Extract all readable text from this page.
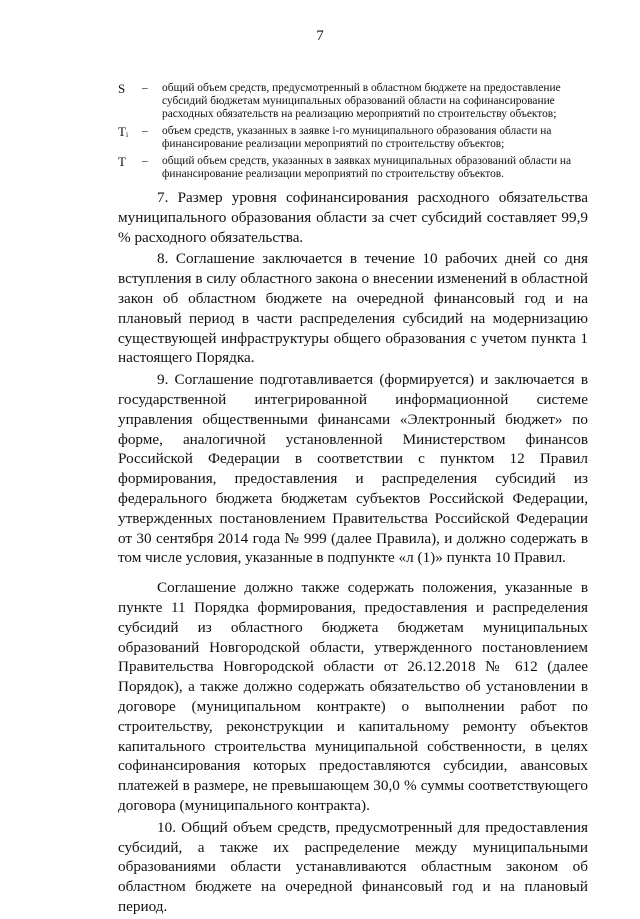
7
S	–	общий объем средств, предусмотренный в областном бюджете на предоставление субсидий бюджетам муниципальных образований области на софинансирование расходных обязательств на реализацию мероприятий по строительству объектов;

Tᵢ	–	объем средств, указанных в заявке i-го муниципального образования области на финансирование реализации мероприятий по строительству объектов;

T	–	общий объем средств, указанных в заявках муниципальных образований области на финансирование реализации мероприятий по строительству объектов.

7. Размер уровня софинансирования расходного обязательства муниципального образования области за счет субсидий составляет 99,9 % расходного обязательства.

8. Соглашение заключается в течение 10 рабочих дней со дня вступления в силу областного закона о внесении изменений в областной закон об областном бюджете на очередной финансовый год и на плановый период в части распределения субсидий на модернизацию существующей инфраструктуры общего образования с учетом пункта 1 настоящего Порядка.

9. Соглашение подготавливается (формируется) и заключается в государственной интегрированной информационной системе управления общественными финансами «Электронный бюджет» по форме, аналогичной установленной Министерством финансов Российской Федерации в соответствии с пунктом 12 Правил формирования, предоставления и распределения субсидий из федерального бюджета бюджетам субъектов Российской Федерации, утвержденных постановлением Правительства Российской Федерации от 30 сентября 2014 года № 999 (далее Правила), и должно содержать в том числе условия, указанные в подпункте «л (1)» пункта 10 Правил.

Соглашение должно также содержать положения, указанные в пункте 11 Порядка формирования, предоставления и распределения субсидий из областного бюджета бюджетам муниципальных образований Новгородской области, утвержденного постановлением Правительства Новгородской области от 26.12.2018 № 612 (далее Порядок), а также должно содержать обязательство об установлении в договоре (муниципальном контракте) о выполнении работ по строительству, реконструкции и капитальному ремонту объектов капитального строительства муниципальной собственности, в целях софинансирования которых предоставляются субсидии, авансовых платежей в размере, не превышающем 30,0 % суммы соответствующего договора (муниципального контракта).

10. Общий объем средств, предусмотренный для предоставления субсидий, а также их распределение между муниципальными образованиями области устанавливаются областным законом об областном бюджете на очередной финансовый год и на плановый период.
